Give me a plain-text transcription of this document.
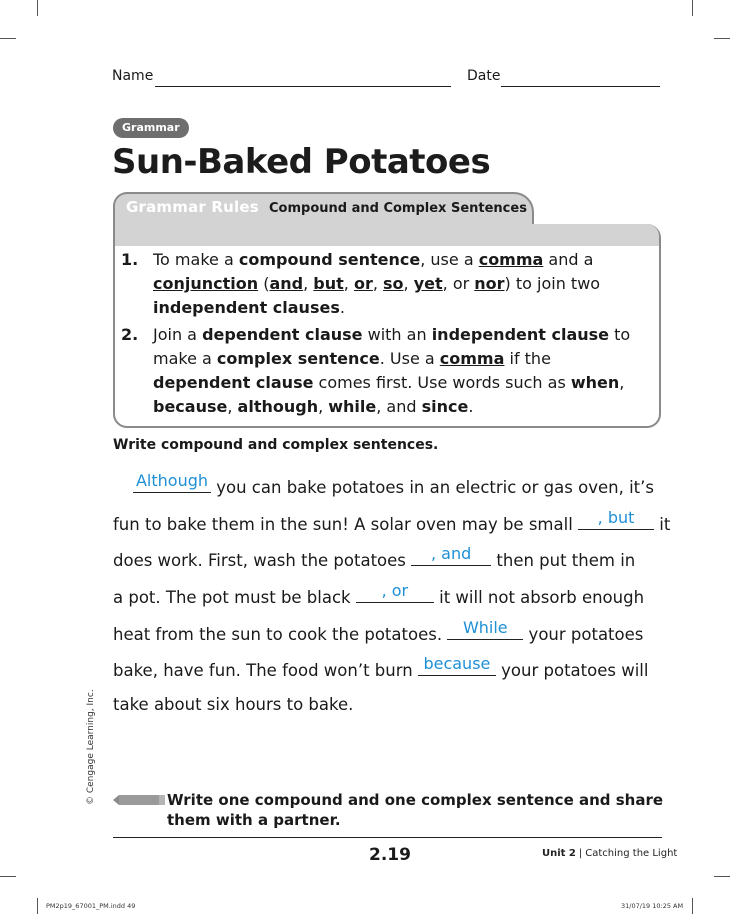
Name	Date
Grammar
Sun-Baked Potatoes
Grammar Rules Compound and Complex Sentences
1. To make a compound sentence, use a comma and a conjunction (and, but, or, so, yet, or nor) to join two independent clauses.
2. Join a dependent clause with an independent clause to make a complex sentence. Use a comma if the dependent clause comes first. Use words such as when, because, although, while, and since.
Write compound and complex sentences.
Although you can bake potatoes in an electric or gas oven, it’s
fun to bake them in the sun! A solar oven may be small	, but	it
does work. First, wash the potatoes	, and	then put them in
a pot. The pot must be black	, or	it will not absorb enough
heat from the sun to cook the potatoes. While your potatoes
bake, have fun. The food won’t burn because your potatoes will
take about six hours to bake.
© Cengage Learning, Inc.	Write one compound and one complex sentence and share them with a partner.
2.19	Unit 2 | Catching the Light
PM2p19_67001_PM.indd 49	31/07/19 10:25 AM
